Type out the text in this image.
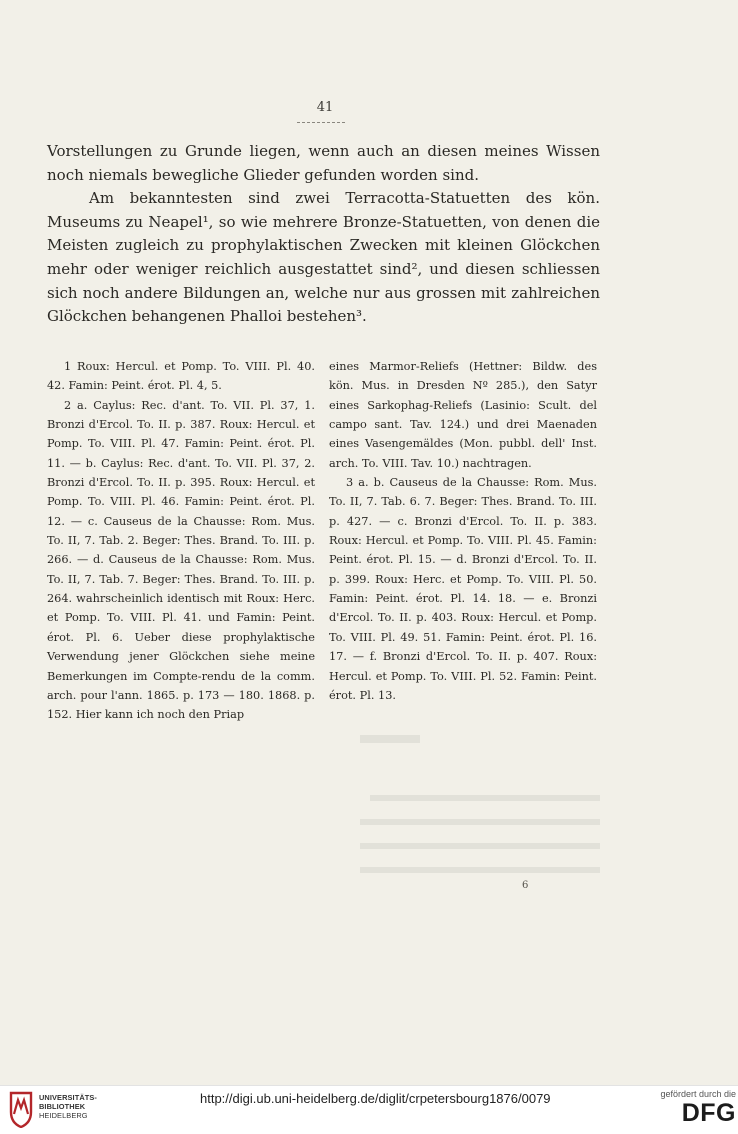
41

Vorstellungen zu Grunde liegen, wenn auch an diesen meines Wissen noch niemals bewegliche Glieder gefunden worden sind.

Am bekanntesten sind zwei Terracotta-Statuetten des kön. Museums zu Neapel¹, so wie mehrere Bronze-Statuetten, von denen die Meisten zugleich zu prophylaktischen Zwecken mit kleinen Glöckchen mehr oder weniger reichlich ausgestattet sind², und diesen schliessen sich noch andere Bildungen an, welche nur aus grossen mit zahlreichen Glöckchen behangenen Phalloi bestehen³.

1 Roux: Hercul. et Pomp. To. VIII. Pl. 40. 42. Famin: Peint. érot. Pl. 4, 5.

2 a. Caylus: Rec. d'ant. To. VII. Pl. 37, 1. Bronzi d'Ercol. To. II. p. 387. Roux: Hercul. et Pomp. To. VIII. Pl. 47. Famin: Peint. érot. Pl. 11. — b. Caylus: Rec. d'ant. To. VII. Pl. 37, 2. Bronzi d'Ercol. To. II. p. 395. Roux: Hercul. et Pomp. To. VIII. Pl. 46. Famin: Peint. érot. Pl. 12. — c. Causeus de la Chausse: Rom. Mus. To. II, 7. Tab. 2. Beger: Thes. Brand. To. III. p. 266. — d. Causeus de la Chausse: Rom. Mus. To. II, 7. Tab. 7. Beger: Thes. Brand. To. III. p. 264. wahrscheinlich identisch mit Roux: Herc. et Pomp. To. VIII. Pl. 41. und Famin: Peint. érot. Pl. 6. Ueber diese prophylaktische Verwendung jener Glöckchen siehe meine Bemerkungen im Compte-rendu de la comm. arch. pour l'ann. 1865. p. 173 — 180. 1868. p. 152. Hier kann ich noch den Priap

eines Marmor-Reliefs (Hettner: Bildw. des kön. Mus. in Dresden Nº 285.), den Satyr eines Sarkophag-Reliefs (Lasinio: Scult. del campo sant. Tav. 124.) und drei Maenaden eines Vasengemäldes (Mon. pubbl. dell' Inst. arch. To. VIII. Tav. 10.) nachtragen.

3 a. b. Causeus de la Chausse: Rom. Mus. To. II, 7. Tab. 6. 7. Beger: Thes. Brand. To. III. p. 427. — c. Bronzi d'Ercol. To. II. p. 383. Roux: Hercul. et Pomp. To. VIII. Pl. 45. Famin: Peint. érot. Pl. 15. — d. Bronzi d'Ercol. To. II. p. 399. Roux: Herc. et Pomp. To. VIII. Pl. 50. Famin: Peint. érot. Pl. 14. 18. — e. Bronzi d'Ercol. To. II. p. 403. Roux: Hercul. et Pomp. To. VIII. Pl. 49. 51. Famin: Peint. érot. Pl. 16. 17. — f. Bronzi d'Ercol. To. II. p. 407. Roux: Hercul. et Pomp. To. VIII. Pl. 52. Famin: Peint. érot. Pl. 13.

6
UNIVERSITÄTS-
BIBLIOTHEK
HEIDELBERG
http://digi.ub.uni-heidelberg.de/diglit/crpetersbourg1876/0079	gefördert durch die
DFG
